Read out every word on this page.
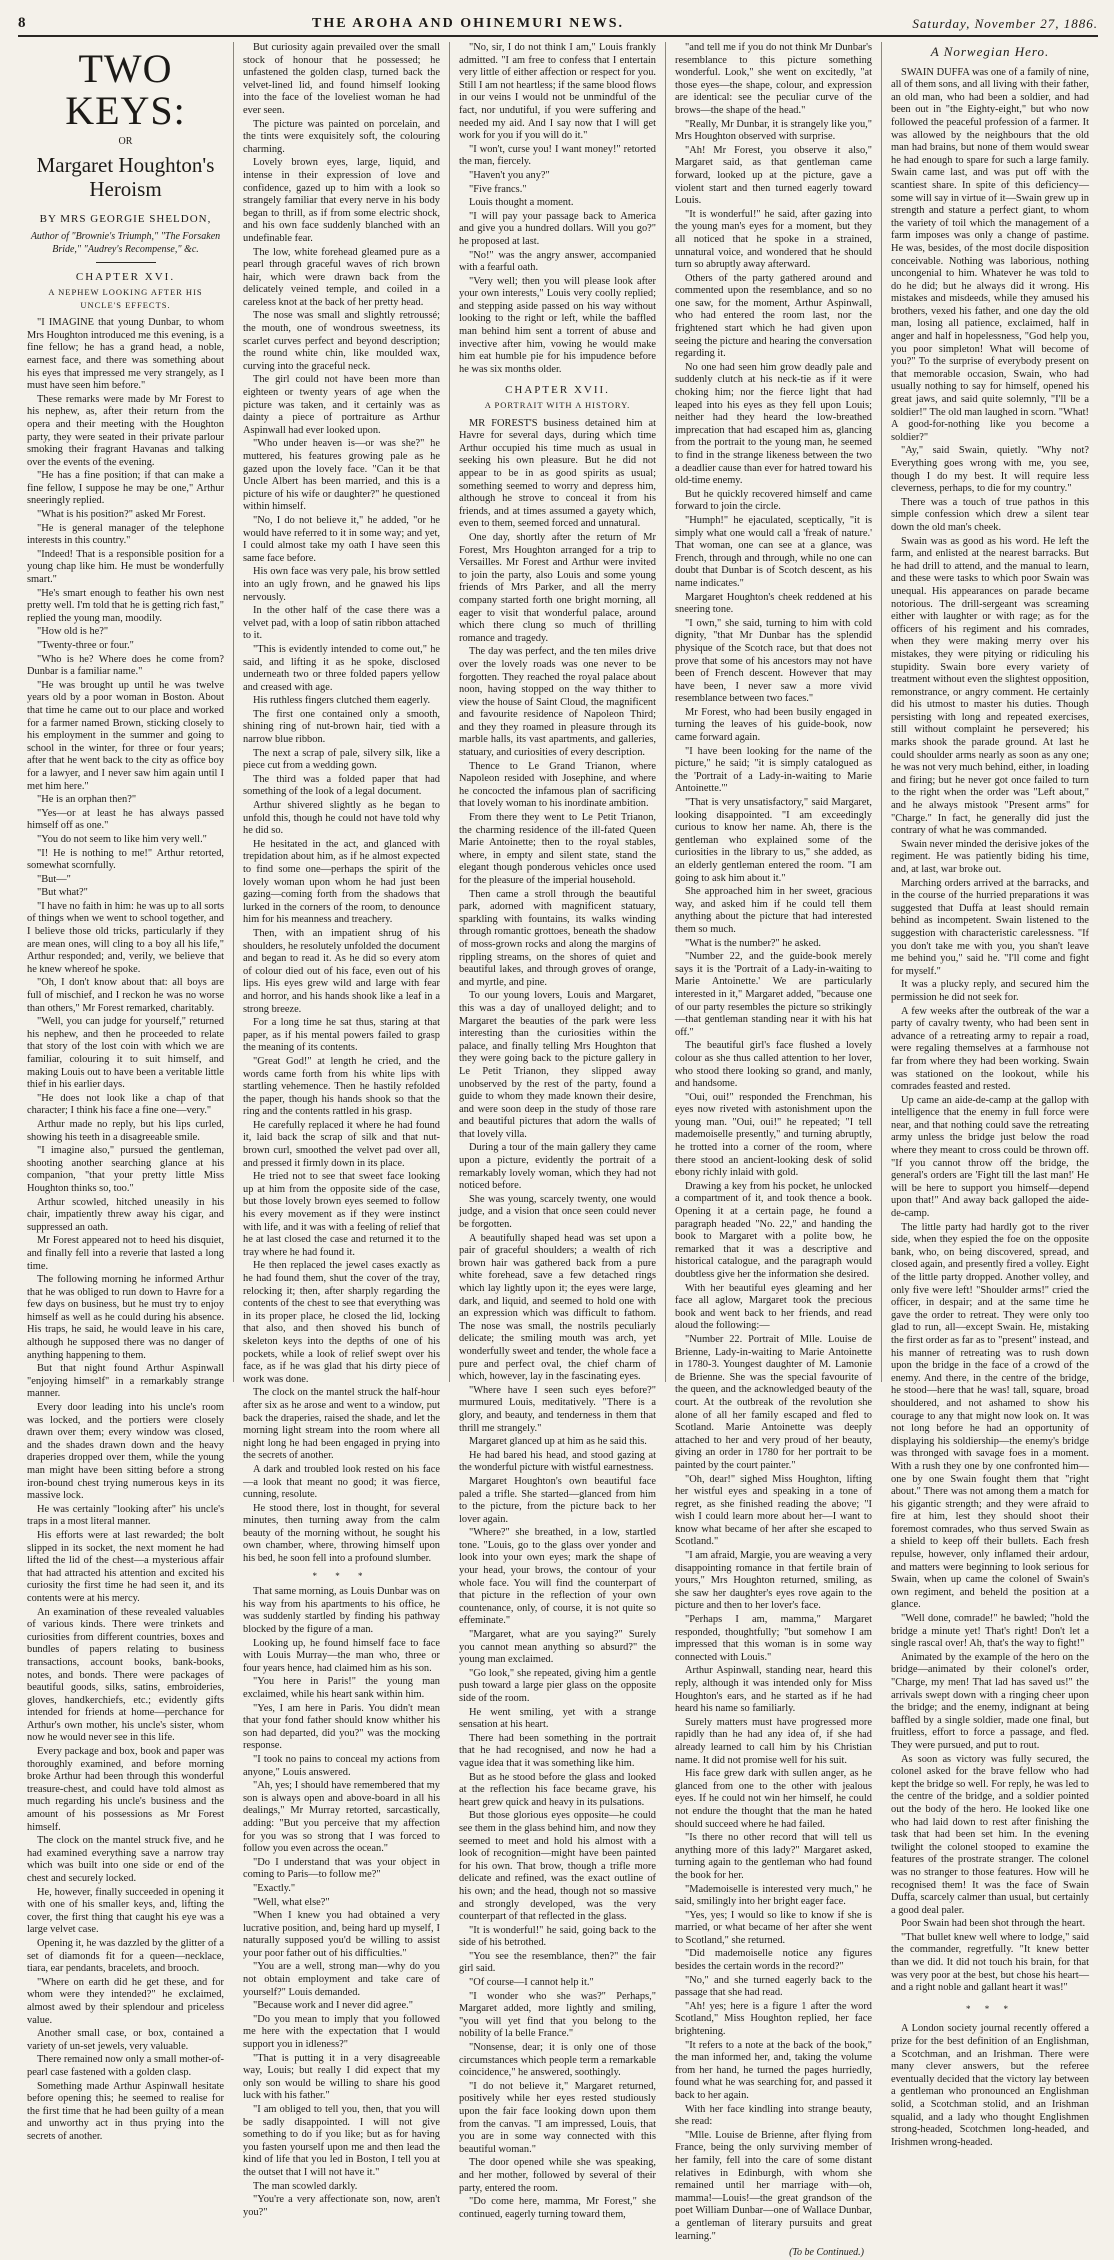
8	THE AROHA AND OHINEMURI NEWS.	Saturday, November 27, 1886.
TWO KEYS:
OR
Margaret Houghton's Heroism
BY MRS GEORGIE SHELDON,
Author of "Brownie's Triumph," "The Forsaken Bride," "Audrey's Recompense," &c.
CHAPTER XVI.
A NEPHEW LOOKING AFTER HIS UNCLE'S EFFECTS.

"I IMAGINE that young Dunbar, to whom Mrs Houghton introduced me this evening, is a fine fellow; he has a grand head, a noble, earnest face, and there was something about his eyes that impressed me very strangely, as I must have seen him before."

These remarks were made by Mr Forest to his nephew, as, after their return from the opera and their meeting with the Houghton party, they were seated in their private parlour smoking their fragrant Havanas and talking over the events of the evening.

"He has a fine position; if that can make a fine fellow, I suppose he may be one," Arthur sneeringly replied.

"What is his position?" asked Mr Forest.

"He is general manager of the telephone interests in this country."

"Indeed! That is a responsible position for a young chap like him. He must be wonderfully smart."

"He's smart enough to feather his own nest pretty well. I'm told that he is getting rich fast," replied the young man, moodily.

"How old is he?"

"Twenty-three or four."

"Who is he? Where does he come from? Dunbar is a familiar name."

"He was brought up until he was twelve years old by a poor woman in Boston. About that time he came out to our place and worked for a farmer named Brown, sticking closely to his employment in the summer and going to school in the winter, for three or four years; after that he went back to the city as office boy for a lawyer, and I never saw him again until I met him here."

"He is an orphan then?"

"Yes—or at least he has always passed himself off as one."

"You do not seem to like him very well."

"I! He is nothing to me!" Arthur retorted, somewhat scornfully.

"But—"

"But what?"

"I have no faith in him: he was up to all sorts of things when we went to school together, and I believe those old tricks, particularly if they are mean ones, will cling to a boy all his life," Arthur responded; and, verily, we believe that he knew whereof he spoke.

"Oh, I don't know about that: all boys are full of mischief, and I reckon he was no worse than others," Mr Forest remarked, charitably.

"Well, you can judge for yourself," returned his nephew, and then he proceeded to relate that story of the lost coin with which we are familiar, colouring it to suit himself, and making Louis out to have been a veritable little thief in his earlier days.

"He does not look like a chap of that character; I think his face a fine one—very."

Arthur made no reply, but his lips curled, showing his teeth in a disagreeable smile.

"I imagine also," pursued the gentleman, shooting another searching glance at his companion, "that your pretty little Miss Houghton thinks so, too."

Arthur scowled, hitched uneasily in his chair, impatiently threw away his cigar, and suppressed an oath.

Mr Forest appeared not to heed his disquiet, and finally fell into a reverie that lasted a long time.

The following morning he informed Arthur that he was obliged to run down to Havre for a few days on business, but he must try to enjoy himself as well as he could during his absence. His traps, he said, he would leave in his care, although he supposed there was no danger of anything happening to them.

But that night found Arthur Aspinwall "enjoying himself" in a remarkably strange manner.

Every door leading into his uncle's room was locked, and the portiers were closely drawn over them; every window was closed, and the shades drawn down and the heavy draperies dropped over them, while the young man might have been sitting before a strong iron-bound chest trying numerous keys in its massive lock.

He was certainly "looking after" his uncle's traps in a most literal manner.

His efforts were at last rewarded; the bolt slipped in its socket, the next moment he had lifted the lid of the chest—a mysterious affair that had attracted his attention and excited his curiosity the first time he had seen it, and its contents were at his mercy.

An examination of these revealed valuables of various kinds. There were trinkets and curiosities from different countries, boxes and bundles of papers relating to business transactions, account books, bank-books, notes, and bonds. There were packages of beautiful goods, silks, satins, embroideries, gloves, handkerchiefs, etc.; evidently gifts intended for friends at home—perchance for Arthur's own mother, his uncle's sister, whom now he would never see in this life.

Every package and box, book and paper was thoroughly examined, and before morning broke Arthur had been through this wonderful treasure-chest, and could have told almost as much regarding his uncle's business and the amount of his possessions as Mr Forest himself.

The clock on the mantel struck five, and he had examined everything save a narrow tray which was built into one side or end of the chest and securely locked.

He, however, finally succeeded in opening it with one of his smaller keys, and, lifting the cover, the first thing that caught his eye was a large velvet case.

Opening it, he was dazzled by the glitter of a set of diamonds fit for a queen—necklace, tiara, ear pendants, bracelets, and brooch.

"Where on earth did he get these, and for whom were they intended?" he exclaimed, almost awed by their splendour and priceless value.

Another small case, or box, contained a variety of un-set jewels, very valuable.

There remained now only a small mother-of-pearl case fastened with a golden clasp.

Something made Arthur Aspinwall hesitate before opening this; he seemed to realise for the first time that he had been guilty of a mean and unworthy act in thus prying into the secrets of another.

But curiosity again prevailed over the small stock of honour that he possessed; he unfastened the golden clasp, turned back the velvet-lined lid, and found himself looking into the face of the loveliest woman he had ever seen.

The picture was painted on porcelain, and the tints were exquisitely soft, the colouring charming.

Lovely brown eyes, large, liquid, and intense in their expression of love and confidence, gazed up to him with a look so strangely familiar that every nerve in his body began to thrill, as if from some electric shock, and his own face suddenly blanched with an undefinable fear.

The low, white forehead gleamed pure as a pearl through graceful waves of rich brown hair, which were drawn back from the delicately veined temple, and coiled in a careless knot at the back of her pretty head.

The nose was small and slightly retroussé; the mouth, one of wondrous sweetness, its scarlet curves perfect and beyond description; the round white chin, like moulded wax, curving into the graceful neck.

The girl could not have been more than eighteen or twenty years of age when the picture was taken, and it certainly was as dainty a piece of portraiture as Arthur Aspinwall had ever looked upon.

"Who under heaven is—or was she?" he muttered, his features growing pale as he gazed upon the lovely face. "Can it be that Uncle Albert has been married, and this is a picture of his wife or daughter?" he questioned within himself.

"No, I do not believe it," he added, "or he would have referred to it in some way; and yet, I could almost take my oath I have seen this same face before.

His own face was very pale, his brow settled into an ugly frown, and he gnawed his lips nervously.

In the other half of the case there was a velvet pad, with a loop of satin ribbon attached to it.

"This is evidently intended to come out," he said, and lifting it as he spoke, disclosed underneath two or three folded papers yellow and creased with age.

His ruthless fingers clutched them eagerly.

The first one contained only a smooth, shining ring of nut-brown hair, tied with a narrow blue ribbon.

The next a scrap of pale, silvery silk, like a piece cut from a wedding gown.

The third was a folded paper that had something of the look of a legal document.

Arthur shivered slightly as he began to unfold this, though he could not have told why he did so.

He hesitated in the act, and glanced with trepidation about him, as if he almost expected to find some one—perhaps the spirit of the lovely woman upon whom he had just been gazing—coming forth from the shadows that lurked in the corners of the room, to denounce him for his meanness and treachery.

Then, with an impatient shrug of his shoulders, he resolutely unfolded the document and began to read it. As he did so every atom of colour died out of his face, even out of his lips. His eyes grew wild and large with fear and horror, and his hands shook like a leaf in a strong breeze.

For a long time he sat thus, staring at that paper, as if his mental powers failed to grasp the meaning of its contents.

"Great God!" at length he cried, and the words came forth from his white lips with startling vehemence. Then he hastily refolded the paper, though his hands shook so that the ring and the contents rattled in his grasp.

He carefully replaced it where he had found it, laid back the scrap of silk and that nut-brown curl, smoothed the velvet pad over all, and pressed it firmly down in its place.

He tried not to see that sweet face looking up at him from the opposite side of the case, but those lovely brown eyes seemed to follow his every movement as if they were instinct with life, and it was with a feeling of relief that he at last closed the case and returned it to the tray where he had found it.

He then replaced the jewel cases exactly as he had found them, shut the cover of the tray, relocking it; then, after sharply regarding the contents of the chest to see that everything was in its proper place, he closed the lid, locking that also, and then shoved his bunch of skeleton keys into the depths of one of his pockets, while a look of relief swept over his face, as if he was glad that his dirty piece of work was done.

The clock on the mantel struck the half-hour after six as he arose and went to a window, put back the draperies, raised the shade, and let the morning light stream into the room where all night long he had been engaged in prying into the secrets of another.

A dark and troubled look rested on his face—a look that meant no good; it was fierce, cunning, resolute.

He stood there, lost in thought, for several minutes, then turning away from the calm beauty of the morning without, he sought his own chamber, where, throwing himself upon his bed, he soon fell into a profound slumber.

* * *

That same morning, as Louis Dunbar was on his way from his apartments to his office, he was suddenly startled by finding his pathway blocked by the figure of a man.

Looking up, he found himself face to face with Louis Murray—the man who, three or four years hence, had claimed him as his son.

"You here in Paris!" the young man exclaimed, while his heart sank within him.

"Yes, I am here in Paris. You didn't mean that your fond father should know whither his son had departed, did you?" was the mocking response.

"I took no pains to conceal my actions from anyone," Louis answered.

"Ah, yes; I should have remembered that my son is always open and above-board in all his dealings," Mr Murray retorted, sarcastically, adding: "But you perceive that my affection for you was so strong that I was forced to follow you even across the ocean."

"Do I understand that was your object in coming to Paris—to follow me?"

"Exactly."

"Well, what else?"

"When I knew you had obtained a very lucrative position, and, being hard up myself, I naturally supposed you'd be willing to assist your poor father out of his difficulties."

"You are a well, strong man—why do you not obtain employment and take care of yourself?" Louis demanded.

"Because work and I never did agree."

"Do you mean to imply that you followed me here with the expectation that I would support you in idleness?"

"That is putting it in a very disagreeable way, Louis; but really I did expect that my only son would be willing to share his good luck with his father."

"I am obliged to tell you, then, that you will be sadly disappointed. I will not give something to do if you like; but as for having you fasten yourself upon me and then lead the kind of life that you led in Boston, I tell you at the outset that I will not have it."

The man scowled darkly.

"You're a very affectionate son, now, aren't you?"

"No, sir, I do not think I am," Louis frankly admitted. "I am free to confess that I entertain very little of either affection or respect for you. Still I am not heartless; if the same blood flows in our veins I would not be unmindful of the fact, nor undutiful, if you were suffering and needed my aid. And I say now that I will get work for you if you will do it."

"I won't, curse you! I want money!" retorted the man, fiercely.

"Haven't you any?"

"Five francs."

Louis thought a moment.

"I will pay your passage back to America and give you a hundred dollars. Will you go?" he proposed at last.

"No!" was the angry answer, accompanied with a fearful oath.

"Very well; then you will please look after your own interests," Louis very coolly replied; and stepping aside passed on his way without looking to the right or left, while the baffled man behind him sent a torrent of abuse and invective after him, vowing he would make him eat humble pie for his impudence before he was six months older.

CHAPTER XVII.
A PORTRAIT WITH A HISTORY.

MR FOREST'S business detained him at Havre for several days, during which time Arthur occupied his time much as usual in seeking his own pleasure. But he did not appear to be in as good spirits as usual; something seemed to worry and depress him, although he strove to conceal it from his friends, and at times assumed a gayety which, even to them, seemed forced and unnatural.

One day, shortly after the return of Mr Forest, Mrs Houghton arranged for a trip to Versailles. Mr Forest and Arthur were invited to join the party, also Louis and some young friends of Mrs Parker, and all the merry company started forth one bright morning, all eager to visit that wonderful palace, around which there clung so much of thrilling romance and tragedy.

The day was perfect, and the ten miles drive over the lovely roads was one never to be forgotten. They reached the royal palace about noon, having stopped on the way thither to view the house of Saint Cloud, the magnificent and favourite residence of Napoleon Third; and they they roamed in pleasure through its marble halls, its vast apartments, and galleries, statuary, and curiosities of every description.

Thence to Le Grand Trianon, where Napoleon resided with Josephine, and where he concocted the infamous plan of sacrificing that lovely woman to his inordinate ambition.

From there they went to Le Petit Trianon, the charming residence of the ill-fated Queen Marie Antoinette; then to the royal stables, where, in empty and silent state, stand the elegant though ponderous vehicles once used for the pleasure of the imperial household.

Then came a stroll through the beautiful park, adorned with magnificent statuary, sparkling with fountains, its walks winding through romantic grottoes, beneath the shadow of moss-grown rocks and along the margins of rippling streams, on the shores of quiet and beautiful lakes, and through groves of orange, and myrtle, and pine.

To our young lovers, Louis and Margaret, this was a day of unalloyed delight; and to Margaret the beauties of the park were less interesting than the curiosities within the palace, and finally telling Mrs Houghton that they were going back to the picture gallery in Le Petit Trianon, they slipped away unobserved by the rest of the party, found a guide to whom they made known their desire, and were soon deep in the study of those rare and beautiful pictures that adorn the walls of that lovely villa.

During a tour of the main gallery they came upon a picture, evidently the portrait of a remarkably lovely woman, which they had not noticed before.

She was young, scarcely twenty, one would judge, and a vision that once seen could never be forgotten.

A beautifully shaped head was set upon a pair of graceful shoulders; a wealth of rich brown hair was gathered back from a pure white forehead, save a few detached rings which lay lightly upon it; the eyes were large, dark, and liquid, and seemed to hold one with an expression which was difficult to fathom. The nose was small, the nostrils peculiarly delicate; the smiling mouth was arch, yet wonderfully sweet and tender, the whole face a pure and perfect oval, the chief charm of which, however, lay in the fascinating eyes.

"Where have I seen such eyes before?" murmured Louis, meditatively. "There is a glory, and beauty, and tenderness in them that thrill me strangely."

Margaret glanced up at him as he said this.

He had bared his head, and stood gazing at the wonderful picture with wistful earnestness.

Margaret Houghton's own beautiful face paled a trifle. She started—glanced from him to the picture, from the picture back to her lover again.

"Where?" she breathed, in a low, startled tone. "Louis, go to the glass over yonder and look into your own eyes; mark the shape of your head, your brows, the contour of your whole face. You will find the counterpart of that picture in the reflection of your own countenance, only, of course, it is not quite so effeminate."

"Margaret, what are you saying?" Surely you cannot mean anything so absurd?" the young man exclaimed.

"Go look," she repeated, giving him a gentle push toward a large pier glass on the opposite side of the room.

He went smiling, yet with a strange sensation at his heart.

There had been something in the portrait that he had recognised, and now he had a vague idea that it was something like him.

But as he stood before the glass and looked at the reflection his face became grave, his heart grew quick and heavy in its pulsations.

But those glorious eyes opposite—he could see them in the glass behind him, and now they seemed to meet and hold his almost with a look of recognition—might have been painted for his own. That brow, though a trifle more delicate and refined, was the exact outline of his own; and the head, though not so massive and strongly developed, was the very counterpart of that reflected in the glass.

"It is wonderful!" he said, going back to the side of his betrothed.

"You see the resemblance, then?" the fair girl said.

"Of course—I cannot help it."

"I wonder who she was?" Perhaps," Margaret added, more lightly and smiling, "you will yet find that you belong to the nobility of la belle France."

"Nonsense, dear; it is only one of those circumstances which people term a remarkable coincidence," he answered, soothingly.

"I do not believe it," Margaret returned, positively while her eyes rested studiously upon the fair face looking down upon them from the canvas. "I am impressed, Louis, that you are in some way connected with this beautiful woman."

The door opened while she was speaking, and her mother, followed by several of their party, entered the room.

"Do come here, mamma, Mr Forest," she continued, eagerly turning toward them,

"and tell me if you do not think Mr Dunbar's resemblance to this picture something wonderful. Look," she went on excitedly, "at those eyes—the shape, colour, and expression are identical: see the peculiar curve of the brows—the shape of the head."

"Really, Mr Dunbar, it is strangely like you," Mrs Houghton observed with surprise.

"Ah! Mr Forest, you observe it also," Margaret said, as that gentleman came forward, looked up at the picture, gave a violent start and then turned eagerly toward Louis.

"It is wonderful!" he said, after gazing into the young man's eyes for a moment, but they all noticed that he spoke in a strained, unnatural voice, and wondered that he should turn so abruptly away afterward.

Others of the party gathered around and commented upon the resemblance, and so no one saw, for the moment, Arthur Aspinwall, who had entered the room last, nor the frightened start which he had given upon seeing the picture and hearing the conversation regarding it.

No one had seen him grow deadly pale and suddenly clutch at his neck-tie as if it were choking him; nor the fierce light that had leaped into his eyes as they fell upon Louis; neither had they heard the low-breathed imprecation that had escaped him as, glancing from the portrait to the young man, he seemed to find in the strange likeness between the two a deadlier cause than ever for hatred toward his old-time enemy.

But he quickly recovered himself and came forward to join the circle.

"Humph!" he ejaculated, sceptically, "it is simply what one would call a 'freak of nature.' That woman, one can see at a glance, was French, through and through, while no one can doubt that Dunbar is of Scotch descent, as his name indicates."

Margaret Houghton's cheek reddened at his sneering tone.

"I own," she said, turning to him with cold dignity, "that Mr Dunbar has the splendid physique of the Scotch race, but that does not prove that some of his ancestors may not have been of French descent. However that may have been, I never saw a more vivid resemblance between two faces."

Mr Forest, who had been busily engaged in turning the leaves of his guide-book, now came forward again.

"I have been looking for the name of the picture," he said; "it is simply catalogued as the 'Portrait of a Lady-in-waiting to Marie Antoinette.'"

"That is very unsatisfactory," said Margaret, looking disappointed. "I am exceedingly curious to know her name. Ah, there is the gentleman who explained some of the curiosities in the library to us," she added, as an elderly gentleman entered the room. "I am going to ask him about it."

She approached him in her sweet, gracious way, and asked him if he could tell them anything about the picture that had interested them so much.

"What is the number?" he asked.

"Number 22, and the guide-book merely says it is the 'Portrait of a Lady-in-waiting to Marie Antoinette.' We are particularly interested in it," Margaret added, "because one of our party resembles the picture so strikingly—that gentleman standing near it with his hat off."

The beautiful girl's face flushed a lovely colour as she thus called attention to her lover, who stood there looking so grand, and manly, and handsome.

"Oui, oui!" responded the Frenchman, his eyes now riveted with astonishment upon the young man. "Oui, oui!" he repeated; "I tell mademoiselle presently," and turning abruptly, he trotted into a corner of the room, where there stood an ancient-looking desk of solid ebony richly inlaid with gold.

Drawing a key from his pocket, he unlocked a compartment of it, and took thence a book. Opening it at a certain page, he found a paragraph headed "No. 22," and handing the book to Margaret with a polite bow, he remarked that it was a descriptive and historical catalogue, and the paragraph would doubtless give her the information she desired.

With her beautiful eyes gleaming and her face all aglow, Margaret took the precious book and went back to her friends, and read aloud the following:—

"Number 22. Portrait of Mlle. Louise de Brienne, Lady-in-waiting to Marie Antoinette in 1780-3. Youngest daughter of M. Lamonie de Brienne. She was the special favourite of the queen, and the acknowledged beauty of the court. At the outbreak of the revolution she alone of all her family escaped and fled to Scotland. Marie Antoinette was deeply attached to her and very proud of her beauty, giving an order in 1780 for her portrait to be painted by the court painter."

"Oh, dear!" sighed Miss Houghton, lifting her wistful eyes and speaking in a tone of regret, as she finished reading the above; "I wish I could learn more about her—I want to know what became of her after she escaped to Scotland."

"I am afraid, Margie, you are weaving a very disappointing romance in that fertile brain of yours," Mrs Houghton returned, smiling, as she saw her daughter's eyes rove again to the picture and then to her lover's face.

"Perhaps I am, mamma," Margaret responded, thoughtfully; "but somehow I am impressed that this woman is in some way connected with Louis."

Arthur Aspinwall, standing near, heard this reply, although it was intended only for Miss Houghton's ears, and he started as if he had heard his name so familiarly.

Surely matters must have progressed more rapidly than he had any idea of, if she had already learned to call him by his Christian name. It did not promise well for his suit.

His face grew dark with sullen anger, as he glanced from one to the other with jealous eyes. If he could not win her himself, he could not endure the thought that the man he hated should succeed where he had failed.

"Is there no other record that will tell us anything more of this lady?" Margaret asked, turning again to the gentleman who had found the book for her.

"Mademoiselle is interested very much," he said, smilingly into her bright eager face.

"Yes, yes; I would so like to know if she is married, or what became of her after she went to Scotland," she returned.

"Did mademoiselle notice any figures besides the certain words in the record?"

"No," and she turned eagerly back to the passage that she had read.

"Ah! yes; here is a figure 1 after the word Scotland," Miss Houghton replied, her face brightening.

"It refers to a note at the back of the book," the man informed her, and, taking the volume from her hand, he turned the pages hurriedly, found what he was searching for, and passed it back to her again.

With her face kindling into strange beauty, she read:

"Mlle. Louise de Brienne, after flying from France, being the only surviving member of her family, fell into the care of some distant relatives in Edinburgh, with whom she remained until her marriage with—oh, mamma!—Louis!—the great grandson of the poet William Dunbar—one of Wallace Dunbar, a gentleman of literary pursuits and great learning."

(To be Continued.)
A Norwegian Hero.

SWAIN DUFFA was one of a family of nine, all of them sons, and all living with their father, an old man, who had been a soldier, and had been out in "the Eighty-eight," but who now followed the peaceful profession of a farmer. It was allowed by the neighbours that the old man had brains, but none of them would swear he had enough to spare for such a large family. Swain came last, and was put off with the scantiest share. In spite of this deficiency—some will say in virtue of it—Swain grew up in strength and stature a perfect giant, to whom the variety of toil which the management of a farm imposes was only a change of pastime. He was, besides, of the most docile disposition conceivable. Nothing was laborious, nothing uncongenial to him. Whatever he was told to do he did; but he always did it wrong. His mistakes and misdeeds, while they amused his brothers, vexed his father, and one day the old man, losing all patience, exclaimed, half in anger and half in hopelessness, "God help you, you poor simpleton! What will become of you?" To the surprise of everybody present on that memorable occasion, Swain, who had usually nothing to say for himself, opened his great jaws, and said quite solemnly, "I'll be a soldier!" The old man laughed in scorn. "What! A good-for-nothing like you become a soldier?"

"Ay," said Swain, quietly. "Why not? Everything goes wrong with me, you see, though I do my best. It will require less cleverness, perhaps, to die for my country."

There was a touch of true pathos in this simple confession which drew a silent tear down the old man's cheek.

Swain was as good as his word. He left the farm, and enlisted at the nearest barracks. But he had drill to attend, and the manual to learn, and these were tasks to which poor Swain was unequal. His appearances on parade became notorious. The drill-sergeant was screaming either with laughter or with rage; as for the officers of his regiment and his comrades, when they were making merry over his mistakes, they were pitying or ridiculing his stupidity. Swain bore every variety of treatment without even the slightest opposition, remonstrance, or angry comment. He certainly did his utmost to master his duties. Though persisting with long and repeated exercises, still without complaint he persevered; his marks shook the parade ground. At last he could shoulder arms nearly as soon as any one; he was not very much behind, either, in loading and firing; but he never got once failed to turn to the right when the order was "Left about," and he always mistook "Present arms" for "Charge." In fact, he generally did just the contrary of what he was commanded.

Swain never minded the derisive jokes of the regiment. He was patiently biding his time, and, at last, war broke out.

Marching orders arrived at the barracks, and in the course of the hurried preparations it was suggested that Duffa at least should remain behind as incompetent. Swain listened to the suggestion with characteristic carelessness. "If you don't take me with you, you shan't leave me behind you," said he. "I'll come and fight for myself."

It was a plucky reply, and secured him the permission he did not seek for.

A few weeks after the outbreak of the war a party of cavalry twenty, who had been sent in advance of a retreating army to repair a road, were regaling themselves at a farmhouse not far from where they had been working. Swain was stationed on the lookout, while his comrades feasted and rested.

Up came an aide-de-camp at the gallop with intelligence that the enemy in full force were near, and that nothing could save the retreating army unless the bridge just below the road where they meant to cross could be thrown off. "If you cannot throw off the bridge, the general's orders are 'Fight till the last man!' He will be here to support you himself—depend upon that!" And away back galloped the aide-de-camp.

The little party had hardly got to the river side, when they espied the foe on the opposite bank, who, on being discovered, spread, and closed again, and presently fired a volley. Eight of the little party dropped. Another volley, and only five were left! "Shoulder arms!" cried the officer, in despair; and at the same time he gave the order to retreat. They were only too glad to run, all—except Swain. He, mistaking the first order as far as to "present" instead, and his manner of retreating was to rush down upon the bridge in the face of a crowd of the enemy. And there, in the centre of the bridge, he stood—here that he was! tall, square, broad shouldered, and not ashamed to show his courage to any that might now look on. It was not long before he had an opportunity of displaying his soldiership—the enemy's bridge was thronged with savage foes in a moment. With a rush they one by one confronted him—one by one Swain fought them that "right about." There was not among them a match for his gigantic strength; and they were afraid to fire at him, lest they should shoot their foremost comrades, who thus served Swain as a shield to keep off their bullets. Each fresh repulse, however, only inflamed their ardour, and matters were beginning to look serious for Swain, when up came the colonel of Swain's own regiment, and beheld the position at a glance.

"Well done, comrade!" he bawled; "hold the bridge a minute yet! That's right! Don't let a single rascal over! Ah, that's the way to fight!"

Animated by the example of the hero on the bridge—animated by their colonel's order, "Charge, my men! That lad has saved us!" the arrivals swept down with a ringing cheer upon the bridge; and the enemy, indignant at being baffled by a single soldier, made one final, but fruitless, effort to force a passage, and fled. They were pursued, and put to rout.

As soon as victory was fully secured, the colonel asked for the brave fellow who had kept the bridge so well. For reply, he was led to the centre of the bridge, and a soldier pointed out the body of the hero. He looked like one who had laid down to rest after finishing the task that had been set him. In the evening twilight the colonel stooped to examine the features of the prostrate stranger. The colonel was no stranger to those features. How will he recognised them! It was the face of Swain Duffa, scarcely calmer than usual, but certainly a good deal paler.

Poor Swain had been shot through the heart.

"That bullet knew well where to lodge," said the commander, regretfully. "It knew better than we did. It did not touch his brain, for that was very poor at the best, but chose his heart—and a right noble and gallant heart it was!"

* * *

A London society journal recently offered a prize for the best definition of an Englishman, a Scotchman, and an Irishman. There were many clever answers, but the referee eventually decided that the victory lay between a gentleman who pronounced an Englishman solid, a Scotchman stolid, and an Irishman squalid, and a lady who thought Englishmen strong-headed, Scotchmen long-headed, and Irishmen wrong-headed.
